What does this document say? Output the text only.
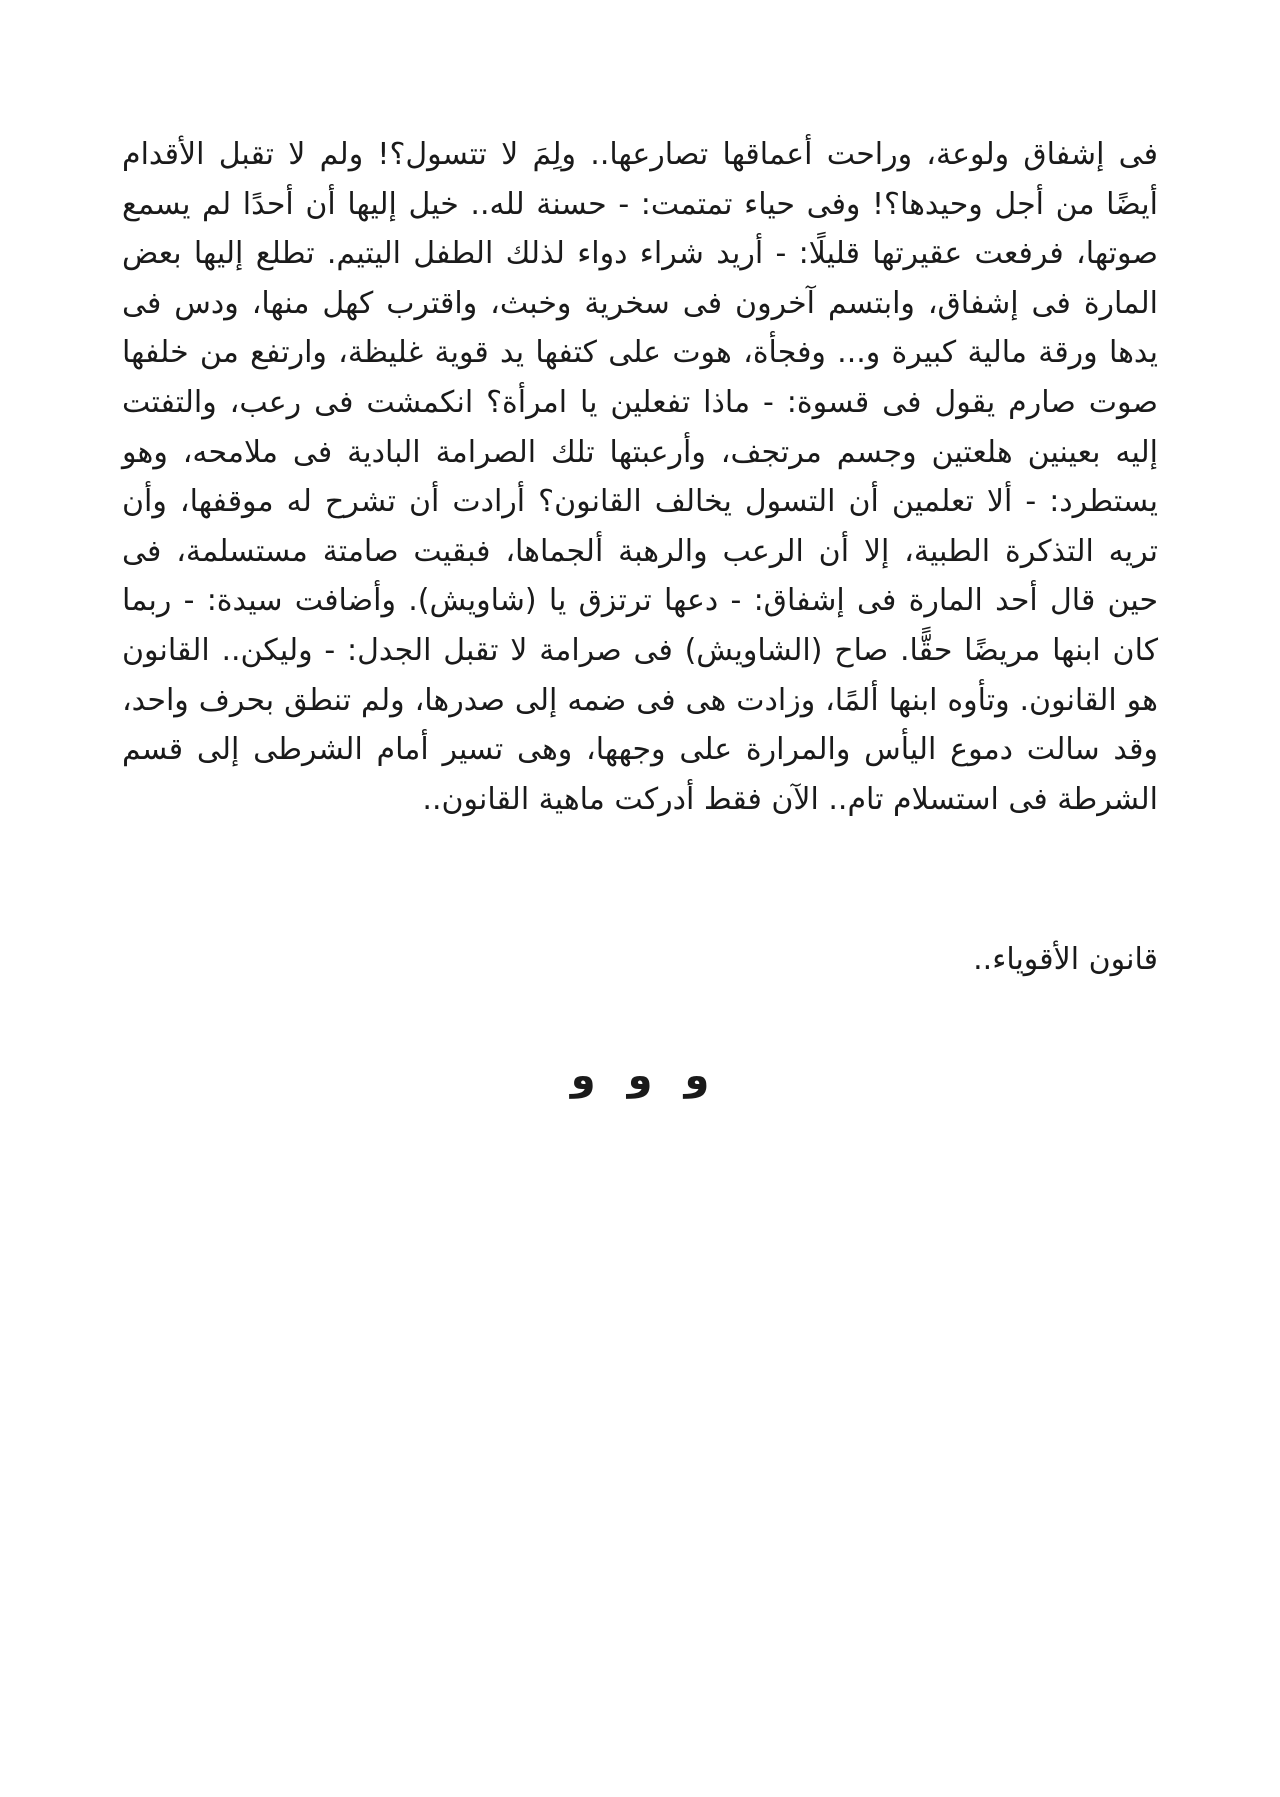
فى إشفاق ولوعة، وراحت أعماقها تصارعها.. ولِمَ لا تتسول؟! ولم لا تقبل الأقدام أيضًا من أجل وحيدها؟! وفى حياء تمتمت: - حسنة لله.. خيل إليها أن أحدًا لم يسمع صوتها، فرفعت عقيرتها قليلًا: - أريد شراء دواء لذلك الطفل اليتيم. تطلع إليها بعض المارة فى إشفاق، وابتسم آخرون فى سخرية وخبث، واقترب كهل منها، ودس فى يدها ورقة مالية كبيرة و... وفجأة، هوت على كتفها يد قوية غليظة، وارتفع من خلفها صوت صارم يقول فى قسوة: - ماذا تفعلين يا امرأة؟ انكمشت فى رعب، والتفتت إليه بعينين هلعتين وجسم مرتجف، وأرعبتها تلك الصرامة البادية فى ملامحه، وهو يستطرد: - ألا تعلمين أن التسول يخالف القانون؟ أرادت أن تشرح له موقفها، وأن تريه التذكرة الطبية، إلا أن الرعب والرهبة ألجماها، فبقيت صامتة مستسلمة، فى حين قال أحد المارة فى إشفاق: - دعها ترتزق يا (شاويش). وأضافت سيدة: - ربما كان ابنها مريضًا حقًّا. صاح (الشاويش) فى صرامة لا تقبل الجدل: - وليكن.. القانون هو القانون. وتأوه ابنها ألمًا، وزادت هى فى ضمه إلى صدرها، ولم تنطق بحرف واحد، وقد سالت دموع اليأس والمرارة على وجهها، وهى تسير أمام الشرطى إلى قسم الشرطة فى استسلام تام.. الآن فقط أدركت ماهية القانون..

قانون الأقوياء..

و
و
و
